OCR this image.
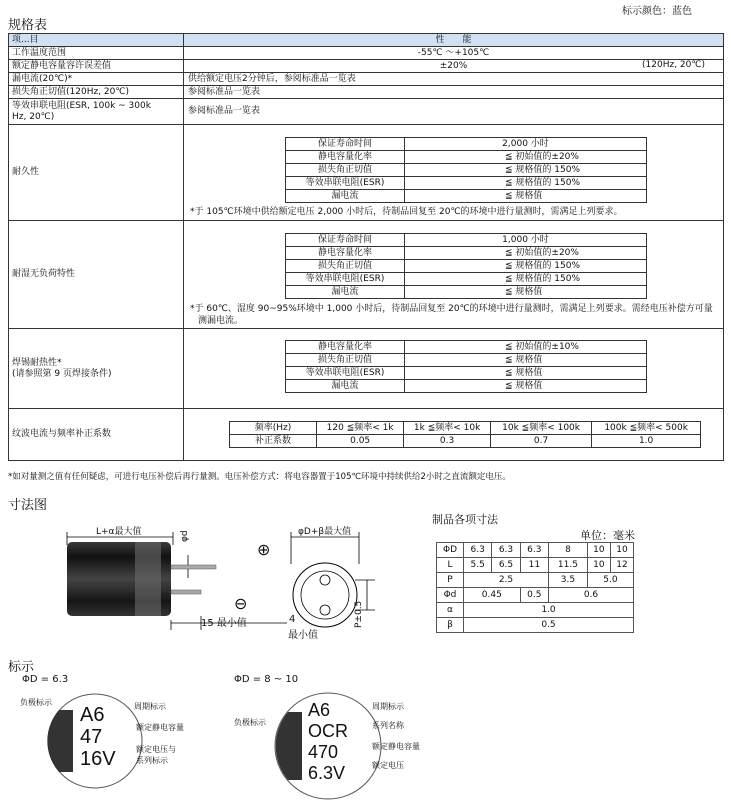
标示颜色：蓝色
规格表
项...目	性　　能
工作温度范围	-55℃ ～+105℃
额定静电容量容许误差值	±20%	(120Hz, 20℃)

漏电流(20℃)*	供给额定电压2分钟后，参阅标准品一览表
损失角正切值(120Hz, 20℃)	参阅标准品一览表
等效串联电阻(ESR, 100k ~ 300k Hz, 20℃)	参阅标准品一览表
耐久性	
保证寿命时间	2,000 小时
静电容量化率	≦ 初始值的±20%
损失角正切值	≦ 规格值的 150%
等效串联电阻(ESR)	≦ 规格值的 150%
漏电流	≦ 规格值
*于 105℃环境中供给额定电压 2,000 小时后，待制品回复至 20℃的环境中进行量测时，需满足上列要求。

耐湿无负荷特性	
保证寿命时间	1,000 小时
静电容量化率	≦ 初始值的±20%
损失角正切值	≦ 规格值的 150%
等效串联电阻(ESR)	≦ 规格值的 150%
漏电流	≦ 规格值
*于 60℃、湿度 90~95%环境中 1,000 小时后，待制品回复至 20℃的环境中进行量测时，需满足上列要求。需经电压补偿方可量
测漏电流。

焊锡耐热性*
(请参照第 9 页焊接条件)

静电容量化率	≦ 初始值的±10%
损失角正切值	≦ 规格值
等效串联电阻(ESR)	≦ 规格值
漏电流	≦ 规格值

纹波电流与频率补正系数	
频率(Hz)	120 ≦频率< 1k	1k ≦频率< 10k	10k ≦频率< 100k	100k ≦频率< 500k
补正系数	0.05	0.3	0.7	1.0
*如对量测之值有任何疑虑，可进行电压补偿后再行量测。电压补偿方式：将电容器置于105℃环境中持续供给2小时之直流额定电压。
寸法图
L+α最大值	φd	φD+β最大值
⊕
⊖
15 最小值	4
最小值
P±0.5
制品各项寸法
单位：毫米
ΦD	6.3	6.3	6.3	8	10	10
L	5.5	6.5	11	11.5	10	12
P	2.5			3.5	5.0	
Φd	0.45		0.5	0.6		
α	1.0					
β	0.5					
标示
ΦD = 6.3
A6
47
16V
负极标示	周期标示
额定静电容量
额定电压与
系列标示
ΦD = 8 ~ 10
A6
OCR
470
6.3V
负极标示
周期标示
系列名称
额定静电容量
额定电压
